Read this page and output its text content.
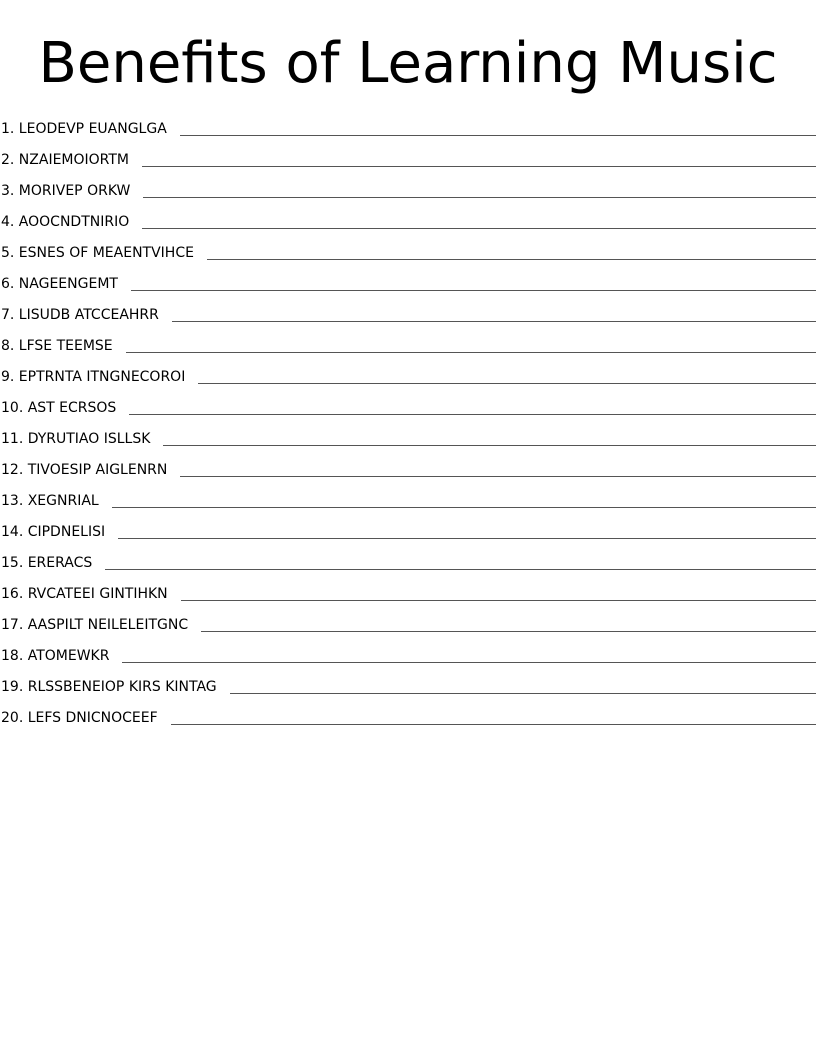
Benefits of Learning Music
1. LEODEVP EUANGLGA
2. NZAIEMOIORTM
3. MORIVEP ORKW
4. AOOCNDTNIRIO
5. ESNES OF MEAENTVIHCE
6. NAGEENGEMT
7. LISUDB ATCCEAHRR
8. LFSE TEEMSE
9. EPTRNTA ITNGNECOROI
10. AST ECRSOS
11. DYRUTIAO ISLLSK
12. TIVOESIP AIGLENRN
13. XEGNRIAL
14. CIPDNELISI
15. ERERACS
16. RVCATEEI GINTIHKN
17. AASPILT NEILELEITGNC
18. ATOMEWKR
19. RLSSBENEIOP KIRS KINTAG
20. LEFS DNICNOCEEF
